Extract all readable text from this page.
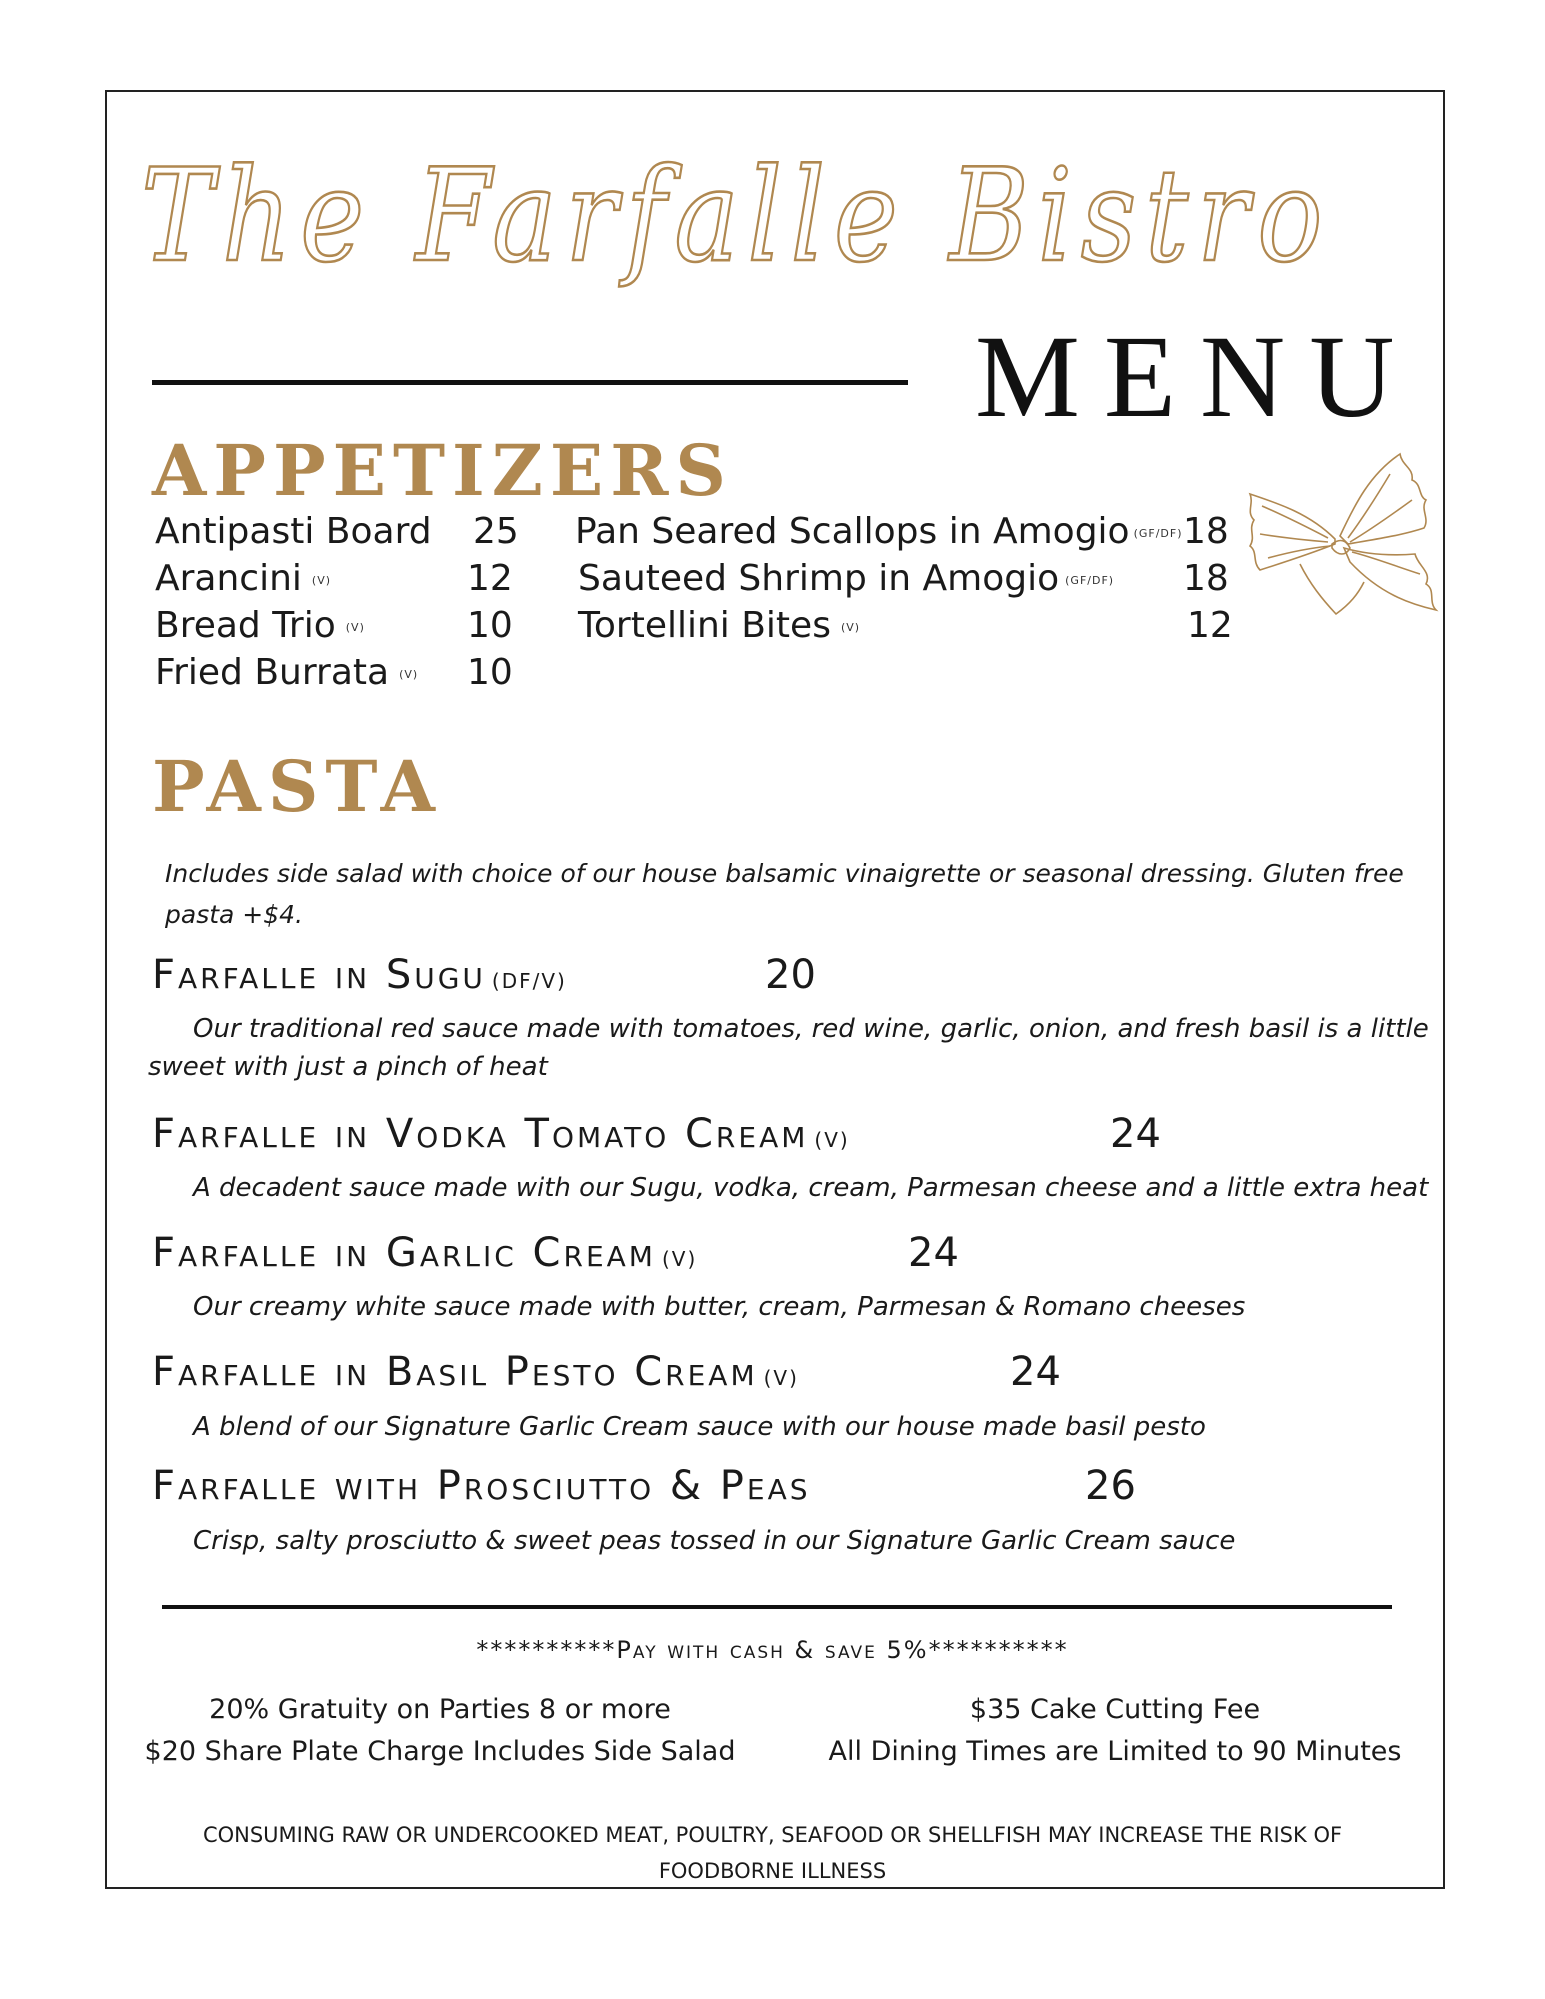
The Farfalle Bistro
MENU
APPETIZERS
Antipasti Board 25
Arancini (V)	12
Bread Trio (V)	10
Fried Burrata (V) 10
Pan Seared Scallops in Amogio (GF/DF) 18
Sauteed Shrimp in Amogio (GF/DF) 18
Tortellini Bites (V)	12
PASTA
Includes side salad with choice of our house balsamic vinaigrette or seasonal dressing. Gluten free pasta +$4.
Farfalle in Sugu (DF/V)	20
Our traditional red sauce made with tomatoes, red wine, garlic, onion, and fresh basil is a little
sweet with just a pinch of heat
Farfalle in Vodka Tomato Cream (V)	24
A decadent sauce made with our Sugu, vodka, cream, Parmesan cheese and a little extra heat
Farfalle in Garlic Cream (V)	24
Our creamy white sauce made with butter, cream, Parmesan & Romano cheeses
Farfalle in Basil Pesto Cream (V)	24
A blend of our Signature Garlic Cream sauce with our house made basil pesto
Farfalle with Prosciutto & Peas	26
Crisp, salty prosciutto & sweet peas tossed in our Signature Garlic Cream sauce
**********Pay with cash & save 5%**********
20% Gratuity on Parties 8 or more
$20 Share Plate Charge Includes Side Salad
$35 Cake Cutting Fee
All Dining Times are Limited to 90 Minutes
CONSUMING RAW OR UNDERCOOKED MEAT, POULTRY, SEAFOOD OR SHELLFISH MAY INCREASE THE RISK OF FOODBORNE ILLNESS
